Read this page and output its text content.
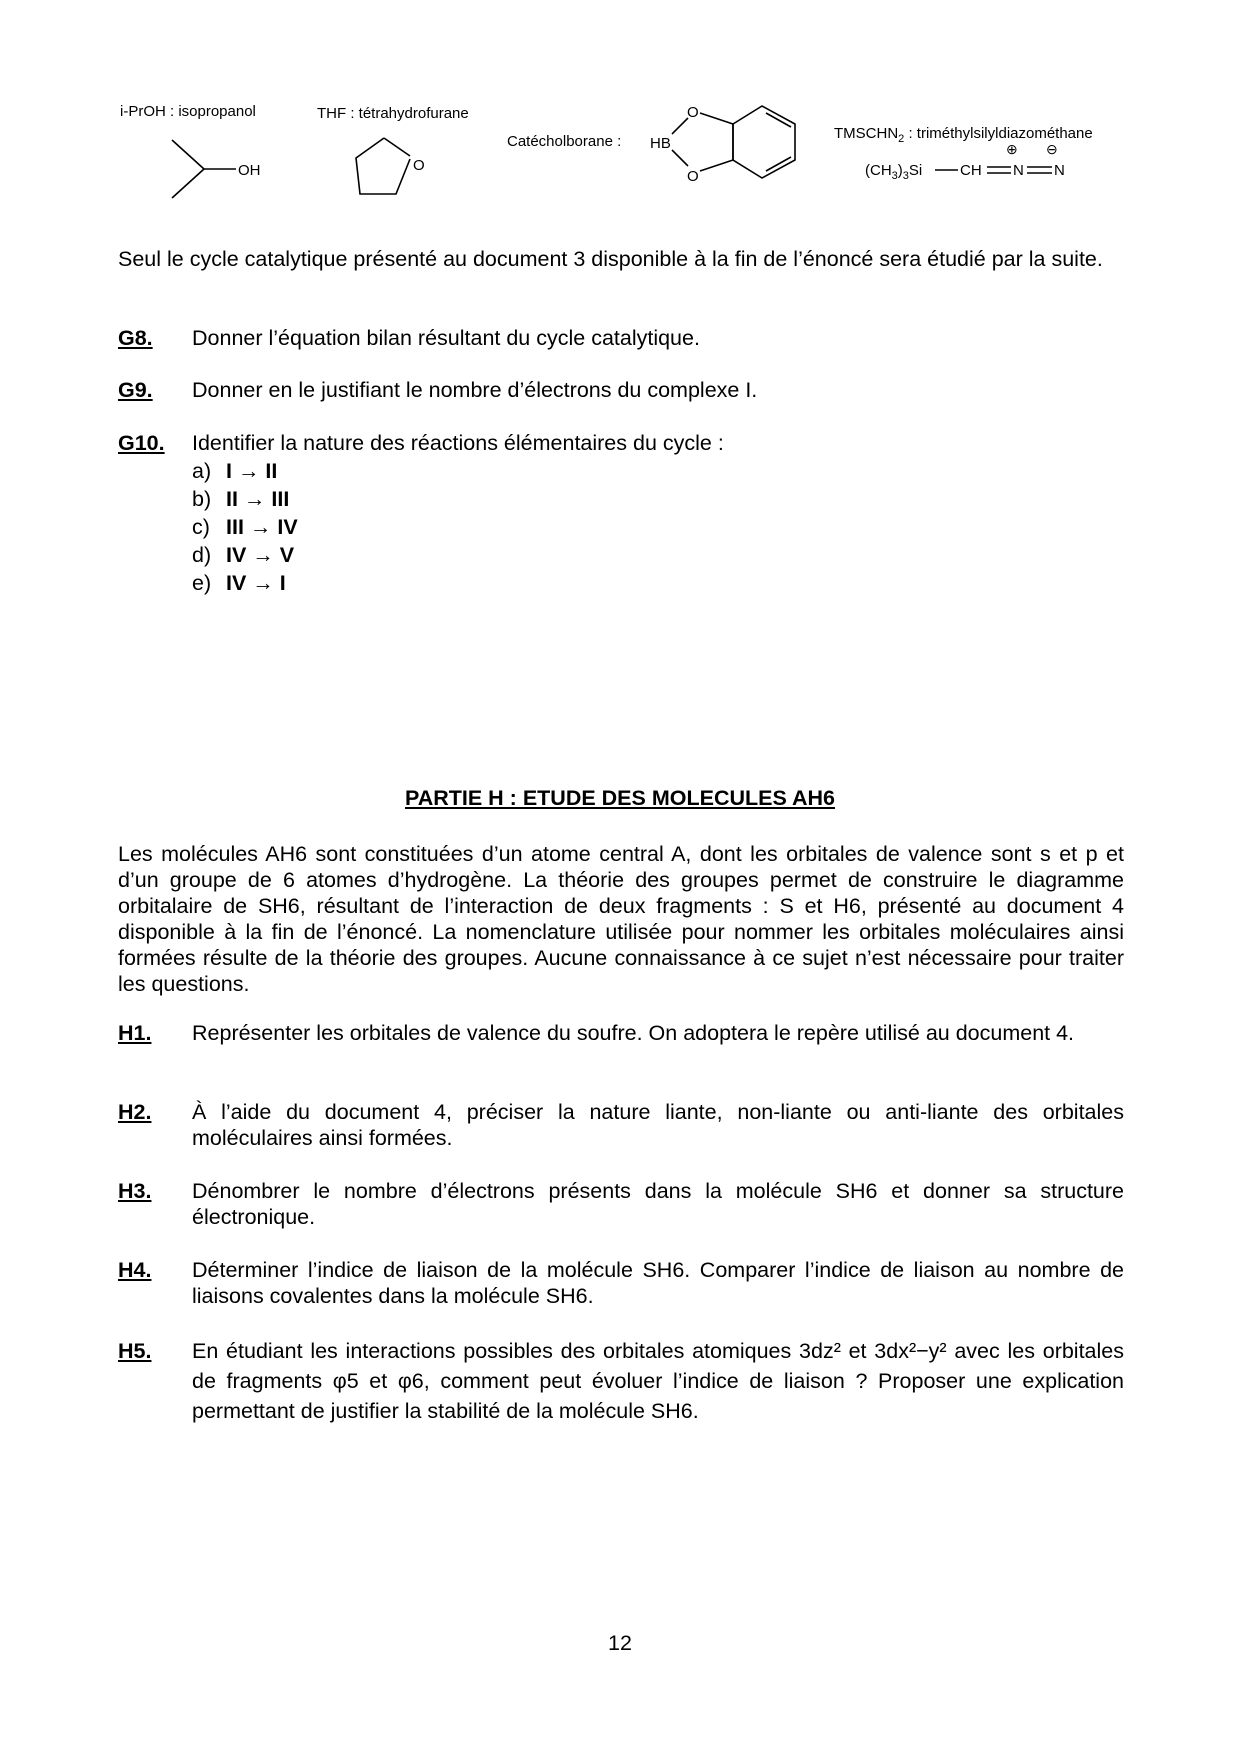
i-PrOH : isopropanol
OH
THF : tétrahydrofurane
O
Catécholborane : HB
O
O
$TMSCHN_2$ : triméthylsilyldiazométhane
⊕ ⊖
$(CH_3)_3Si$	CH N N
Seul le cycle catalytique présenté au document 3 disponible à la fin de l’énoncé sera étudié par la suite.
G8. Donner l’équation bilan résultant du cycle catalytique.
G9. Donner en le justifiant le nombre d’électrons du complexe I.
G10. Identifier la nature des réactions élémentaires du cycle :
a) I → II
b) II → III
c) III → IV
d) IV → V
e) IV → I
PARTIE H : ETUDE DES MOLECULES AH6
Les molécules AH6 sont constituées d’un atome central A, dont les orbitales de valence sont s et p et d’un groupe de 6 atomes d’hydrogène. La théorie des groupes permet de construire le diagramme orbitalaire de SH6, résultant de l’interaction de deux fragments : S et H6, présenté au document 4 disponible à la fin de l’énoncé. La nomenclature utilisée pour nommer les orbitales moléculaires ainsi formées résulte de la théorie des groupes. Aucune connaissance à ce sujet n’est nécessaire pour traiter les questions.
H1. Représenter les orbitales de valence du soufre. On adoptera le repère utilisé au document 4.
H2. À l’aide du document 4, préciser la nature liante, non-liante ou anti-liante des orbitales moléculaires ainsi formées.
H3. Dénombrer le nombre d’électrons présents dans la molécule SH6 et donner sa structure électronique.
H4. Déterminer l’indice de liaison de la molécule SH6. Comparer l’indice de liaison au nombre de liaisons covalentes dans la molécule SH6.
H5. En étudiant les interactions possibles des orbitales atomiques 3dz² et 3dx²−y² avec les orbitales de fragments φ5 et φ6, comment peut évoluer l’indice de liaison ? Proposer une explication permettant de justifier la stabilité de la molécule SH6.
12
